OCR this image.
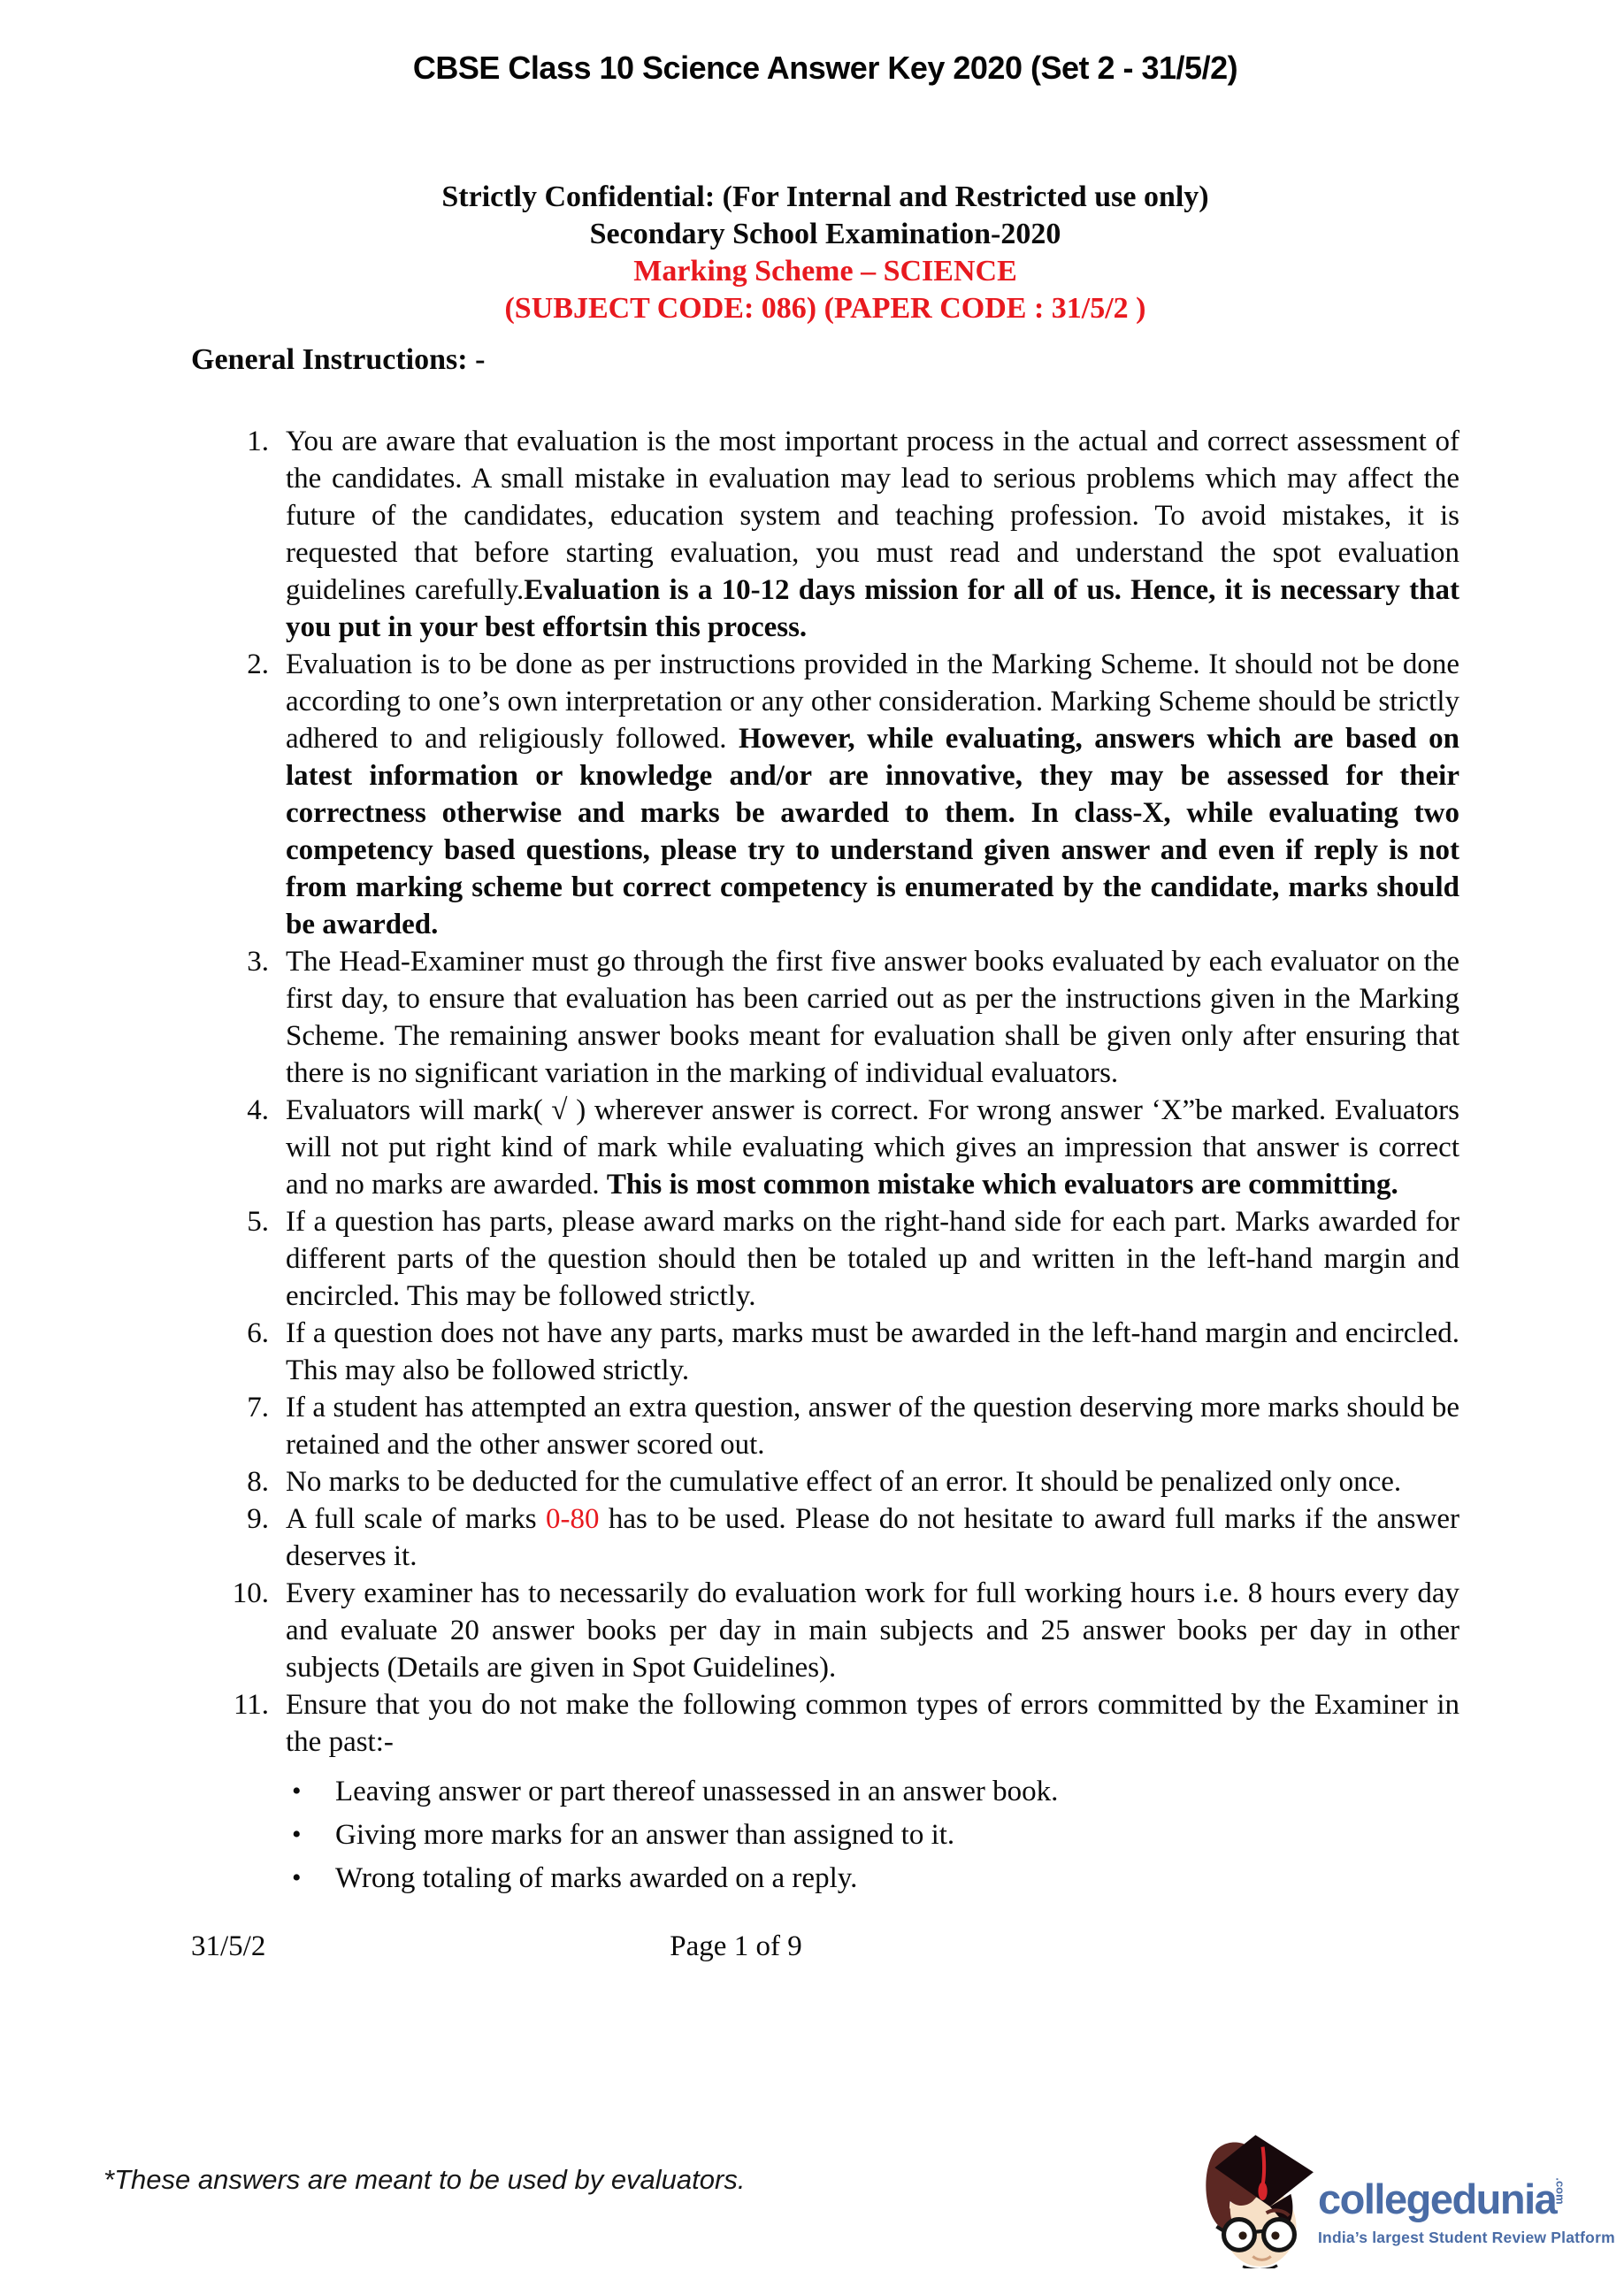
CBSE Class 10 Science Answer Key 2020 (Set 2 - 31/5/2)
Strictly Confidential: (For Internal and Restricted use only)
Secondary School Examination-2020
Marking Scheme – SCIENCE
(SUBJECT CODE: 086) (PAPER CODE : 31/5/2 )
General Instructions: -
1. You are aware that evaluation is the most important process in the actual and correct assessment of the candidates. A small mistake in evaluation may lead to serious problems which may affect the future of the candidates, education system and teaching profession. To avoid mistakes, it is requested that before starting evaluation, you must read and understand the spot evaluation guidelines carefully.Evaluation is a 10-12 days mission for all of us. Hence, it is necessary that you put in your best effortsin this process.
2. Evaluation is to be done as per instructions provided in the Marking Scheme. It should not be done according to one’s own interpretation or any other consideration. Marking Scheme should be strictly adhered to and religiously followed. However, while evaluating, answers which are based on latest information or knowledge and/or are innovative, they may be assessed for their correctness otherwise and marks be awarded to them. In class-X, while evaluating two competency based questions, please try to understand given answer and even if reply is not from marking scheme but correct competency is enumerated by the candidate, marks should be awarded.
3. The Head-Examiner must go through the first five answer books evaluated by each evaluator on the first day, to ensure that evaluation has been carried out as per the instructions given in the Marking Scheme. The remaining answer books meant for evaluation shall be given only after ensuring that there is no significant variation in the marking of individual evaluators.
4. Evaluators will mark( √ ) wherever answer is correct. For wrong answer ‘X”be marked. Evaluators will not put right kind of mark while evaluating which gives an impression that answer is correct and no marks are awarded. This is most common mistake which evaluators are committing.
5. If a question has parts, please award marks on the right-hand side for each part. Marks awarded for different parts of the question should then be totaled up and written in the left-hand margin and encircled. This may be followed strictly.
6. If a question does not have any parts, marks must be awarded in the left-hand margin and encircled. This may also be followed strictly.
7. If a student has attempted an extra question, answer of the question deserving more marks should be retained and the other answer scored out.
8. No marks to be deducted for the cumulative effect of an error. It should be penalized only once.
9. A full scale of marks 0-80 has to be used. Please do not hesitate to award full marks if the answer deserves it.
10. Every examiner has to necessarily do evaluation work for full working hours i.e. 8 hours every day and evaluate 20 answer books per day in main subjects and 25 answer books per day in other subjects (Details are given in Spot Guidelines).
11. Ensure that you do not make the following common types of errors committed by the Examiner in the past:-
•	Leaving answer or part thereof unassessed in an answer book.
•	Giving more marks for an answer than assigned to it.
•	Wrong totaling of marks awarded on a reply.
31/5/2	Page 1 of 9
*These answers are meant to be used by evaluators.	collegedunia
.com
India’s largest Student Review Platform
